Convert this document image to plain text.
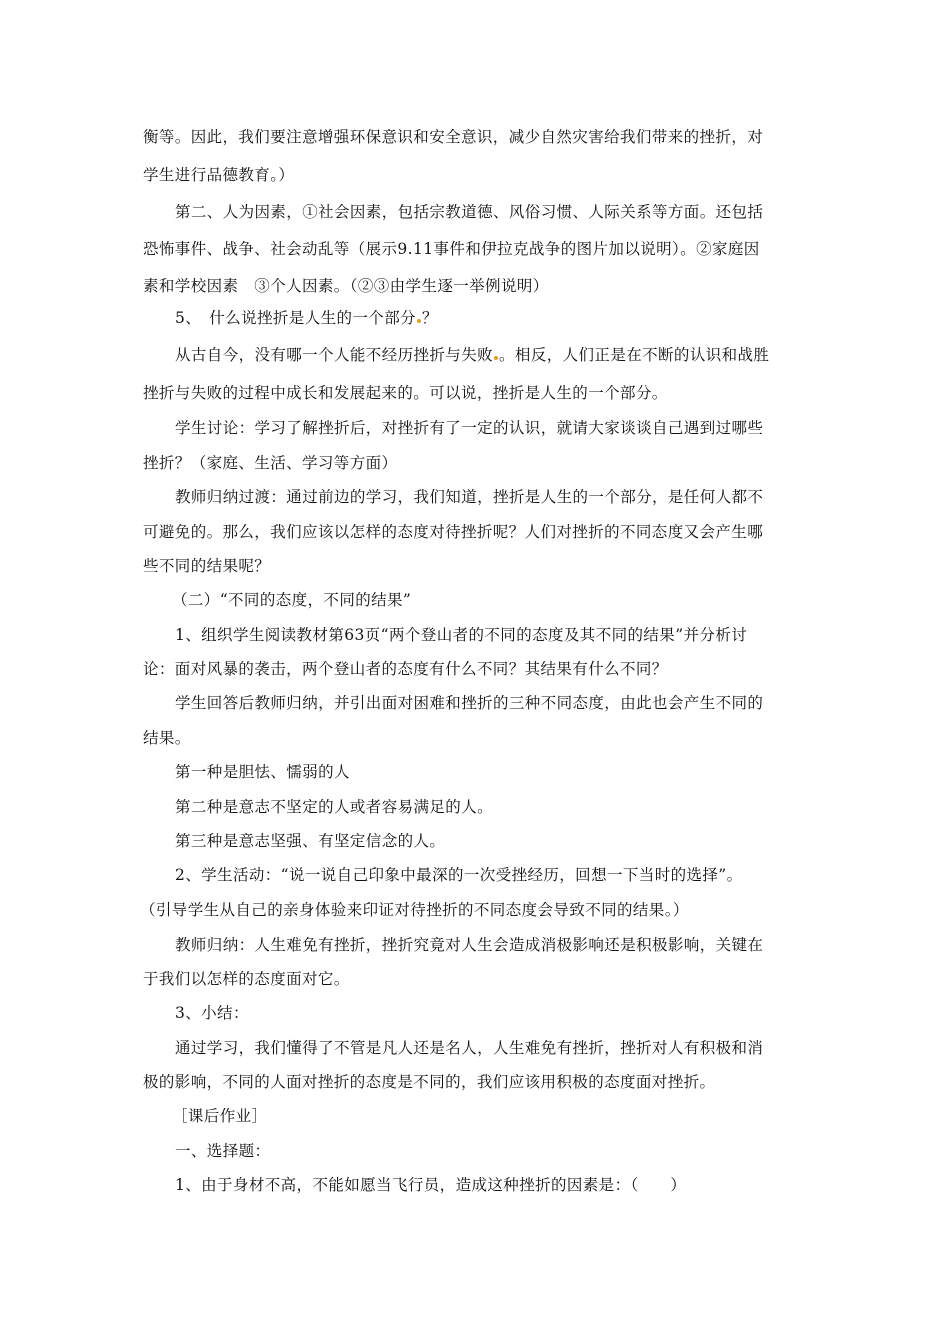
衡等。因此，我们要注意增强环保意识和安全意识，减少自然灾害给我们带来的挫折，对
学生进行品德教育。）
第二、人为因素，①社会因素，包括宗教道德、风俗习惯、人际关系等方面。还包括
恐怖事件、战争、社会动乱等（展示9.11事件和伊拉克战争的图片加以说明）。②家庭因
素和学校因素　③个人因素。（②③由学生逐一举例说明）
5、　什么说挫折是人生的一个部分 ？
从古自今，没有哪一个人能不经历挫折与失败 。相反，人们正是在不断的认识和战胜
挫折与失败的过程中成长和发展起来的。可以说，挫折是人生的一个部分。
学生讨论：学习了解挫折后，对挫折有了一定的认识，就请大家谈谈自己遇到过哪些
挫折？（家庭、生活、学习等方面）
教师归纳过渡：通过前边的学习，我们知道，挫折是人生的一个部分，是任何人都不
可避免的。那么，我们应该以怎样的态度对待挫折呢？人们对挫折的不同态度又会产生哪
些不同的结果呢？
（二）“不同的态度，不同的结果”
1、组织学生阅读教材第63页“两个登山者的不同的态度及其不同的结果”并分析讨
论：面对风暴的袭击，两个登山者的态度有什么不同？其结果有什么不同？
学生回答后教师归纳，并引出面对困难和挫折的三种不同态度，由此也会产生不同的
结果。
第一种是胆怯、懦弱的人
第二种是意志不坚定的人或者容易满足的人。
第三种是意志坚强、有坚定信念的人。
2、学生活动：“说一说自己印象中最深的一次受挫经历，回想一下当时的选择”。
（引导学生从自己的亲身体验来印证对待挫折的不同态度会导致不同的结果。）
教师归纳：人生难免有挫折，挫折究竟对人生会造成消极影响还是积极影响，关键在
于我们以怎样的态度面对它。
3、小结：
通过学习，我们懂得了不管是凡人还是名人，人生难免有挫折，挫折对人有积极和消
极的影响，不同的人面对挫折的态度是不同的，我们应该用积极的态度面对挫折。
［课后作业］
一、选择题：
1、由于身材不高，不能如愿当飞行员，造成这种挫折的因素是：（　　）
